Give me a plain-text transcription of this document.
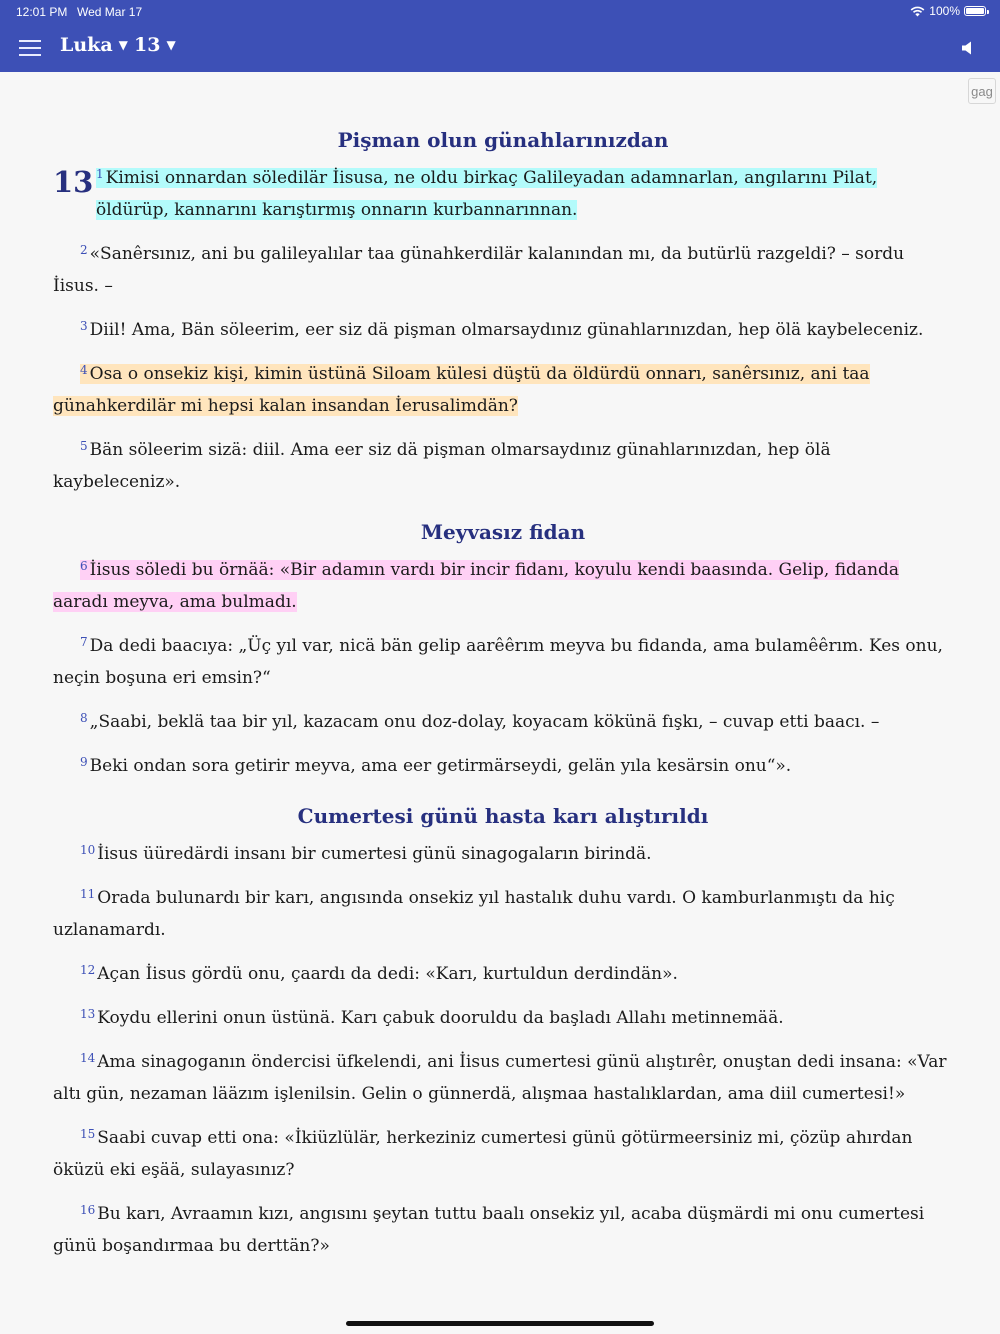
12:01 PM Wed Mar 17	100%
Luka ▼ 13 ▼
gag
Pişman olun günahlarınızdan

13 $^1$ Kimisi onnardan söledilär İisusa, ne oldu birkaç Galileyadan adamnarlan, angılarını Pilat, öldürüp, kannarını karıştırmış onnarın kurbannarınnan.

$^2$ «Sanêrsınız, ani bu galileyalılar taa günahkerdilär kalanından mı, da butürlü razgeldi? – sordu İisus. –

$^3$ Diil! Ama, Bän söleerim, eer siz dä pişman olmarsaydınız günahlarınızdan, hep ölä kaybeleceniz.

$^4$ Osa o onsekiz kişi, kimin üstünä Siloam külesi düştü da öldürdü onnarı, sanêrsınız, ani taa günahkerdilär mi hepsi kalan insandan İerusalimdän?

$^5$ Bän söleerim sizä: diil. Ama eer siz dä pişman olmarsaydınız günahlarınızdan, hep ölä kaybeleceniz».

Meyvasız fidan

$^6$ İisus söledi bu örnää: «Bir adamın vardı bir incir fidanı, koyulu kendi baasında. Gelip, fidanda aaradı meyva, ama bulmadı.

$^7$ Da dedi baacıya: „Üç yıl var, nicä bän gelip aarêêrım meyva bu fidanda, ama bulamêêrım. Kes onu, neçin boşuna eri emsin?“

$^8$ „Saabi, beklä taa bir yıl, kazacam onu doz-dolay, koyacam kökünä fışkı, – cuvap etti baacı. –

$^9$ Beki ondan sora getirir meyva, ama eer getirmärseydi, gelän yıla kesärsin onu“».

Cumertesi günü hasta karı alıştırıldı

$^{10}$ İisus üüredärdi insanı bir cumertesi günü sinagogaların birindä.

$^{11}$ Orada bulunardı bir karı, angısında onsekiz yıl hastalık duhu vardı. O kamburlanmıştı da hiç uzlanamardı.

$^{12}$ Açan İisus gördü onu, çaardı da dedi: «Karı, kurtuldun derdindän».

$^{13}$ Koydu ellerini onun üstünä. Karı çabuk dooruldu da başladı Allahı metinnemää.

$^{14}$ Ama sinagoganın öndercisi üfkelendi, ani İisus cumertesi günü alıştırêr, onuştan dedi insana: «Var altı gün, nezaman lääzım işlenilsin. Gelin o günnerdä, alışmaa hastalıklardan, ama diil cumertesi!»

$^{15}$ Saabi cuvap etti ona: «İkiüzlülär, herkeziniz cumertesi günü götürmeersiniz mi, çözüp ahırdan öküzü eki eşää, sulayasınız?

$^{16}$ Bu karı, Avraamın kızı, angısını şeytan tuttu baalı onsekiz yıl, acaba düşmärdi mi onu cumertesi günü boşandırmaa bu derttän?»
